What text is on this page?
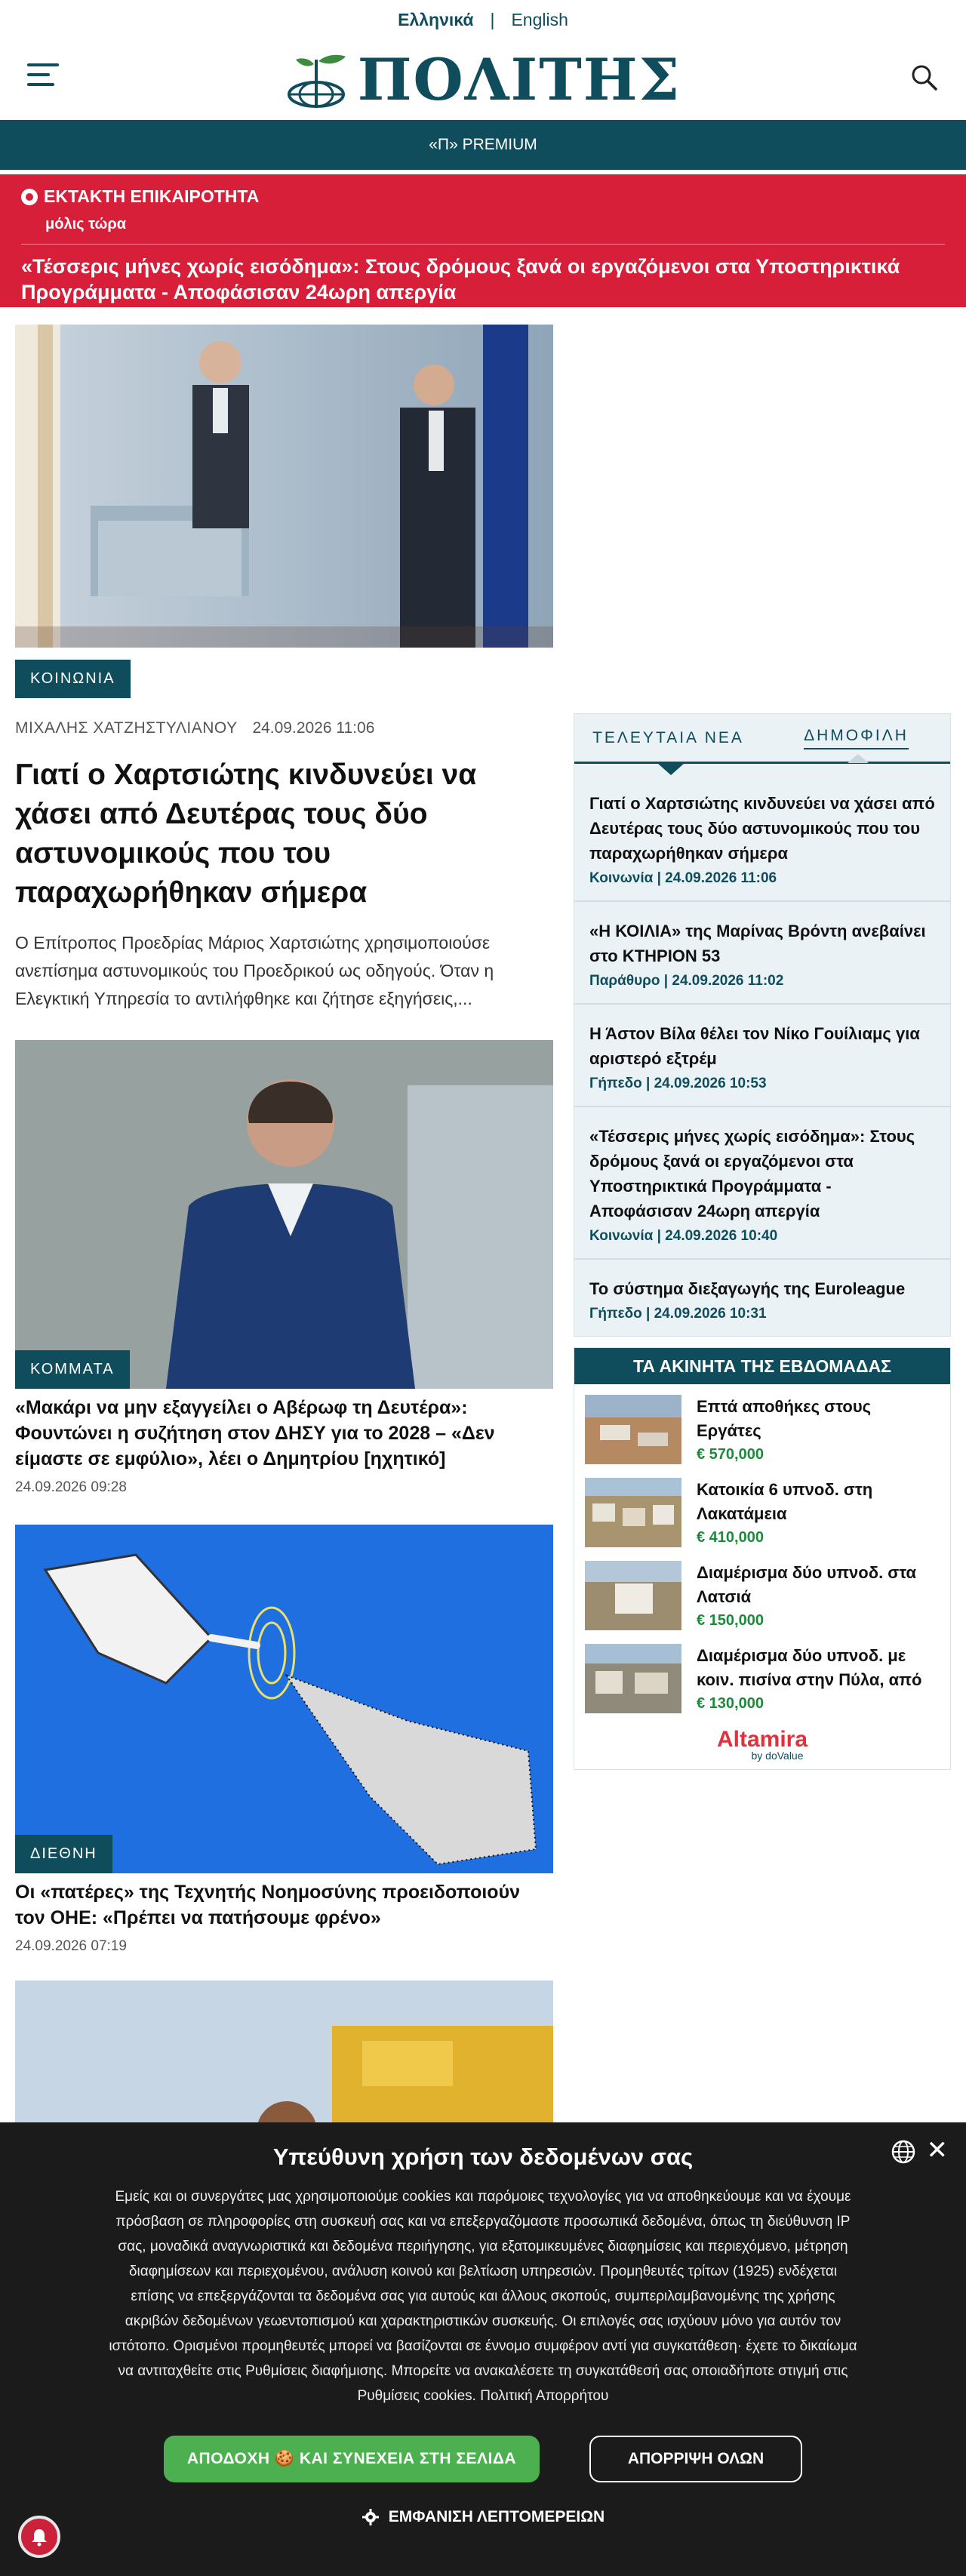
Ελληνικά | English
ΠΟΛΙΤΗΣ
«Π» PREMIUM
ΕΚΤΑΚΤΗ ΕΠΙΚΑΙΡΟΤΗΤΑ
μόλις τώρα
«Τέσσερις μήνες χωρίς εισόδημα»: Στους δρόμους ξανά οι εργαζόμενοι στα Υποστηρικτικά Προγράμματα - Αποφάσισαν 24ωρη απεργία
ΚΟΙΝΩΝΙΑ
ΜΙΧΑΛΗΣ ΧΑΤΖΗΣΤΥΛΙΑΝΟΥ 24.09.2026 11:06
Γιατί ο Χαρτσιώτης κινδυνεύει να χάσει από Δευτέρας τους δύο αστυνομικούς που του παραχωρήθηκαν σήμερα

Ο Επίτροπος Προεδρίας Μάριος Χαρτσιώτης χρησιμοποιούσε ανεπίσημα αστυνομικούς του Προεδρικού ως οδηγούς. Όταν η Ελεγκτική Υπηρεσία το αντιλήφθηκε και ζήτησε εξηγήσεις,...

ΚΟΜΜΑΤΑ
«Μακάρι να μην εξαγγείλει ο Αβέρωφ τη Δευτέρα»: Φουντώνει η συζήτηση στον ΔΗΣΥ για το 2028 – «Δεν είμαστε σε εμφύλιο», λέει ο Δημητρίου [ηχητικό]
24.09.2026 09:28
ΔΙΕΘΝΗ
Οι «πατέρες» της Τεχνητής Νοημοσύνης προειδοποιούν τον ΟΗΕ: «Πρέπει να πατήσουμε φρένο»
24.09.2026 07:19
ΤΕΛΕΥΤΑΙΑ ΝΕΑ	ΔΗΜΟΦΙΛΗ
Γιατί ο Χαρτσιώτης κινδυνεύει να χάσει από Δευτέρας τους δύο αστυνομικούς που του παραχωρήθηκαν σήμερα
Κοινωνία | 24.09.2026 11:06
«Η ΚΟΙΛΙΑ» της Μαρίνας Βρόντη ανεβαίνει στο ΚΤΗΡΙΟΝ 53
Παράθυρο | 24.09.2026 11:02
Η Άστον Βίλα θέλει τον Νίκο Γουίλιαμς για αριστερό εξτρέμ
Γήπεδο | 24.09.2026 10:53
«Τέσσερις μήνες χωρίς εισόδημα»: Στους δρόμους ξανά οι εργαζόμενοι στα Υποστηρικτικά Προγράμματα - Αποφάσισαν 24ωρη απεργία
Κοινωνία | 24.09.2026 10:40
Το σύστημα διεξαγωγής της Euroleague
Γήπεδο | 24.09.2026 10:31
ΤΑ ΑΚΙΝΗΤΑ ΤΗΣ ΕΒΔΟΜΑΔΑΣ
Επτά αποθήκες στους Εργάτες
€ 570,000
Κατοικία 6 υπνοδ. στη Λακατάμεια
€ 410,000
Διαμέρισμα δύο υπνοδ. στα Λατσιά
€ 150,000
Διαμέρισμα δύο υπνοδ. με κοιν. πισίνα στην Πύλα, από
€ 130,000
Altamira
by doValue
✕
Υπεύθυνη χρήση των δεδομένων σας

Εμείς και οι συνεργάτες μας χρησιμοποιούμε cookies και παρόμοιες τεχνολογίες για να αποθηκεύουμε και να έχουμε πρόσβαση σε πληροφορίες στη συσκευή σας και να επεξεργαζόμαστε προσωπικά δεδομένα, όπως τη διεύθυνση IP σας, μοναδικά αναγνωριστικά και δεδομένα περιήγησης, για εξατομικευμένες διαφημίσεις και περιεχόμενο, μέτρηση διαφημίσεων και περιεχομένου, ανάλυση κοινού και βελτίωση υπηρεσιών. Προμηθευτές τρίτων (1925) ενδέχεται επίσης να επεξεργάζονται τα δεδομένα σας για αυτούς και άλλους σκοπούς, συμπεριλαμβανομένης της χρήσης ακριβών δεδομένων γεωεντοπισμού και χαρακτηριστικών συσκευής. Οι επιλογές σας ισχύουν μόνο για αυτόν τον ιστότοπο. Ορισμένοι προμηθευτές μπορεί να βασίζονται σε έννομο συμφέρον αντί για συγκατάθεση· έχετε το δικαίωμα να αντιταχθείτε στις Ρυθμίσεις διαφήμισης. Μπορείτε να ανακαλέσετε τη συγκατάθεσή σας οποιαδήποτε στιγμή στις Ρυθμίσεις cookies. Πολιτική Απορρήτου

ΑΠΟΔΟΧΗ 🍪 ΚΑΙ ΣΥΝΕΧΕΙΑ ΣΤΗ ΣΕΛΙΔΑ	ΑΠΟΡΡΙΨΗ ΟΛΩΝ
ΕΜΦΑΝΙΣΗ ΛΕΠΤΟΜΕΡΕΙΩΝ
